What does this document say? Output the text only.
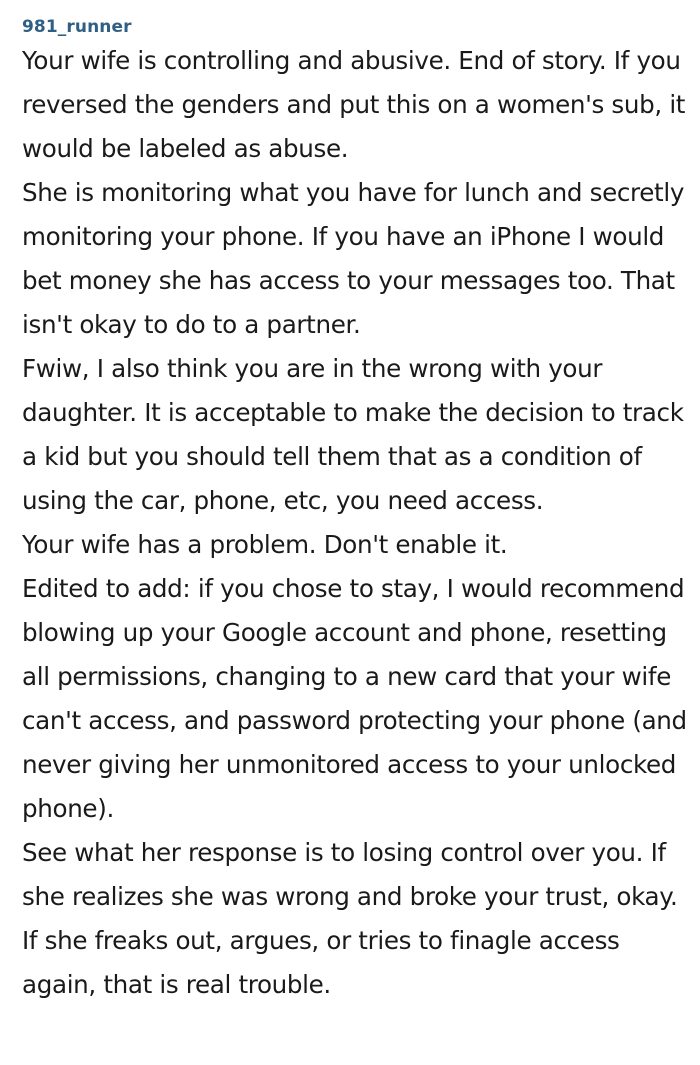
981_runner

Your wife is controlling and abusive. End of story. If you reversed the genders and put this on a women's sub, it would be labeled as abuse.

She is monitoring what you have for lunch and secretly monitoring your phone. If you have an iPhone I would bet money she has access to your messages too. That isn't okay to do to a partner.

Fwiw, I also think you are in the wrong with your daughter. It is acceptable to make the decision to track a kid but you should tell them that as a condition of using the car, phone, etc, you need access.

Your wife has a problem. Don't enable it.

Edited to add: if you chose to stay, I would recommend blowing up your Google account and phone, resetting all permissions, changing to a new card that your wife can't access, and password protecting your phone (and never giving her unmonitored access to your unlocked phone).

See what her response is to losing control over you. If she realizes she was wrong and broke your trust, okay. If she freaks out, argues, or tries to finagle access again, that is real trouble.
